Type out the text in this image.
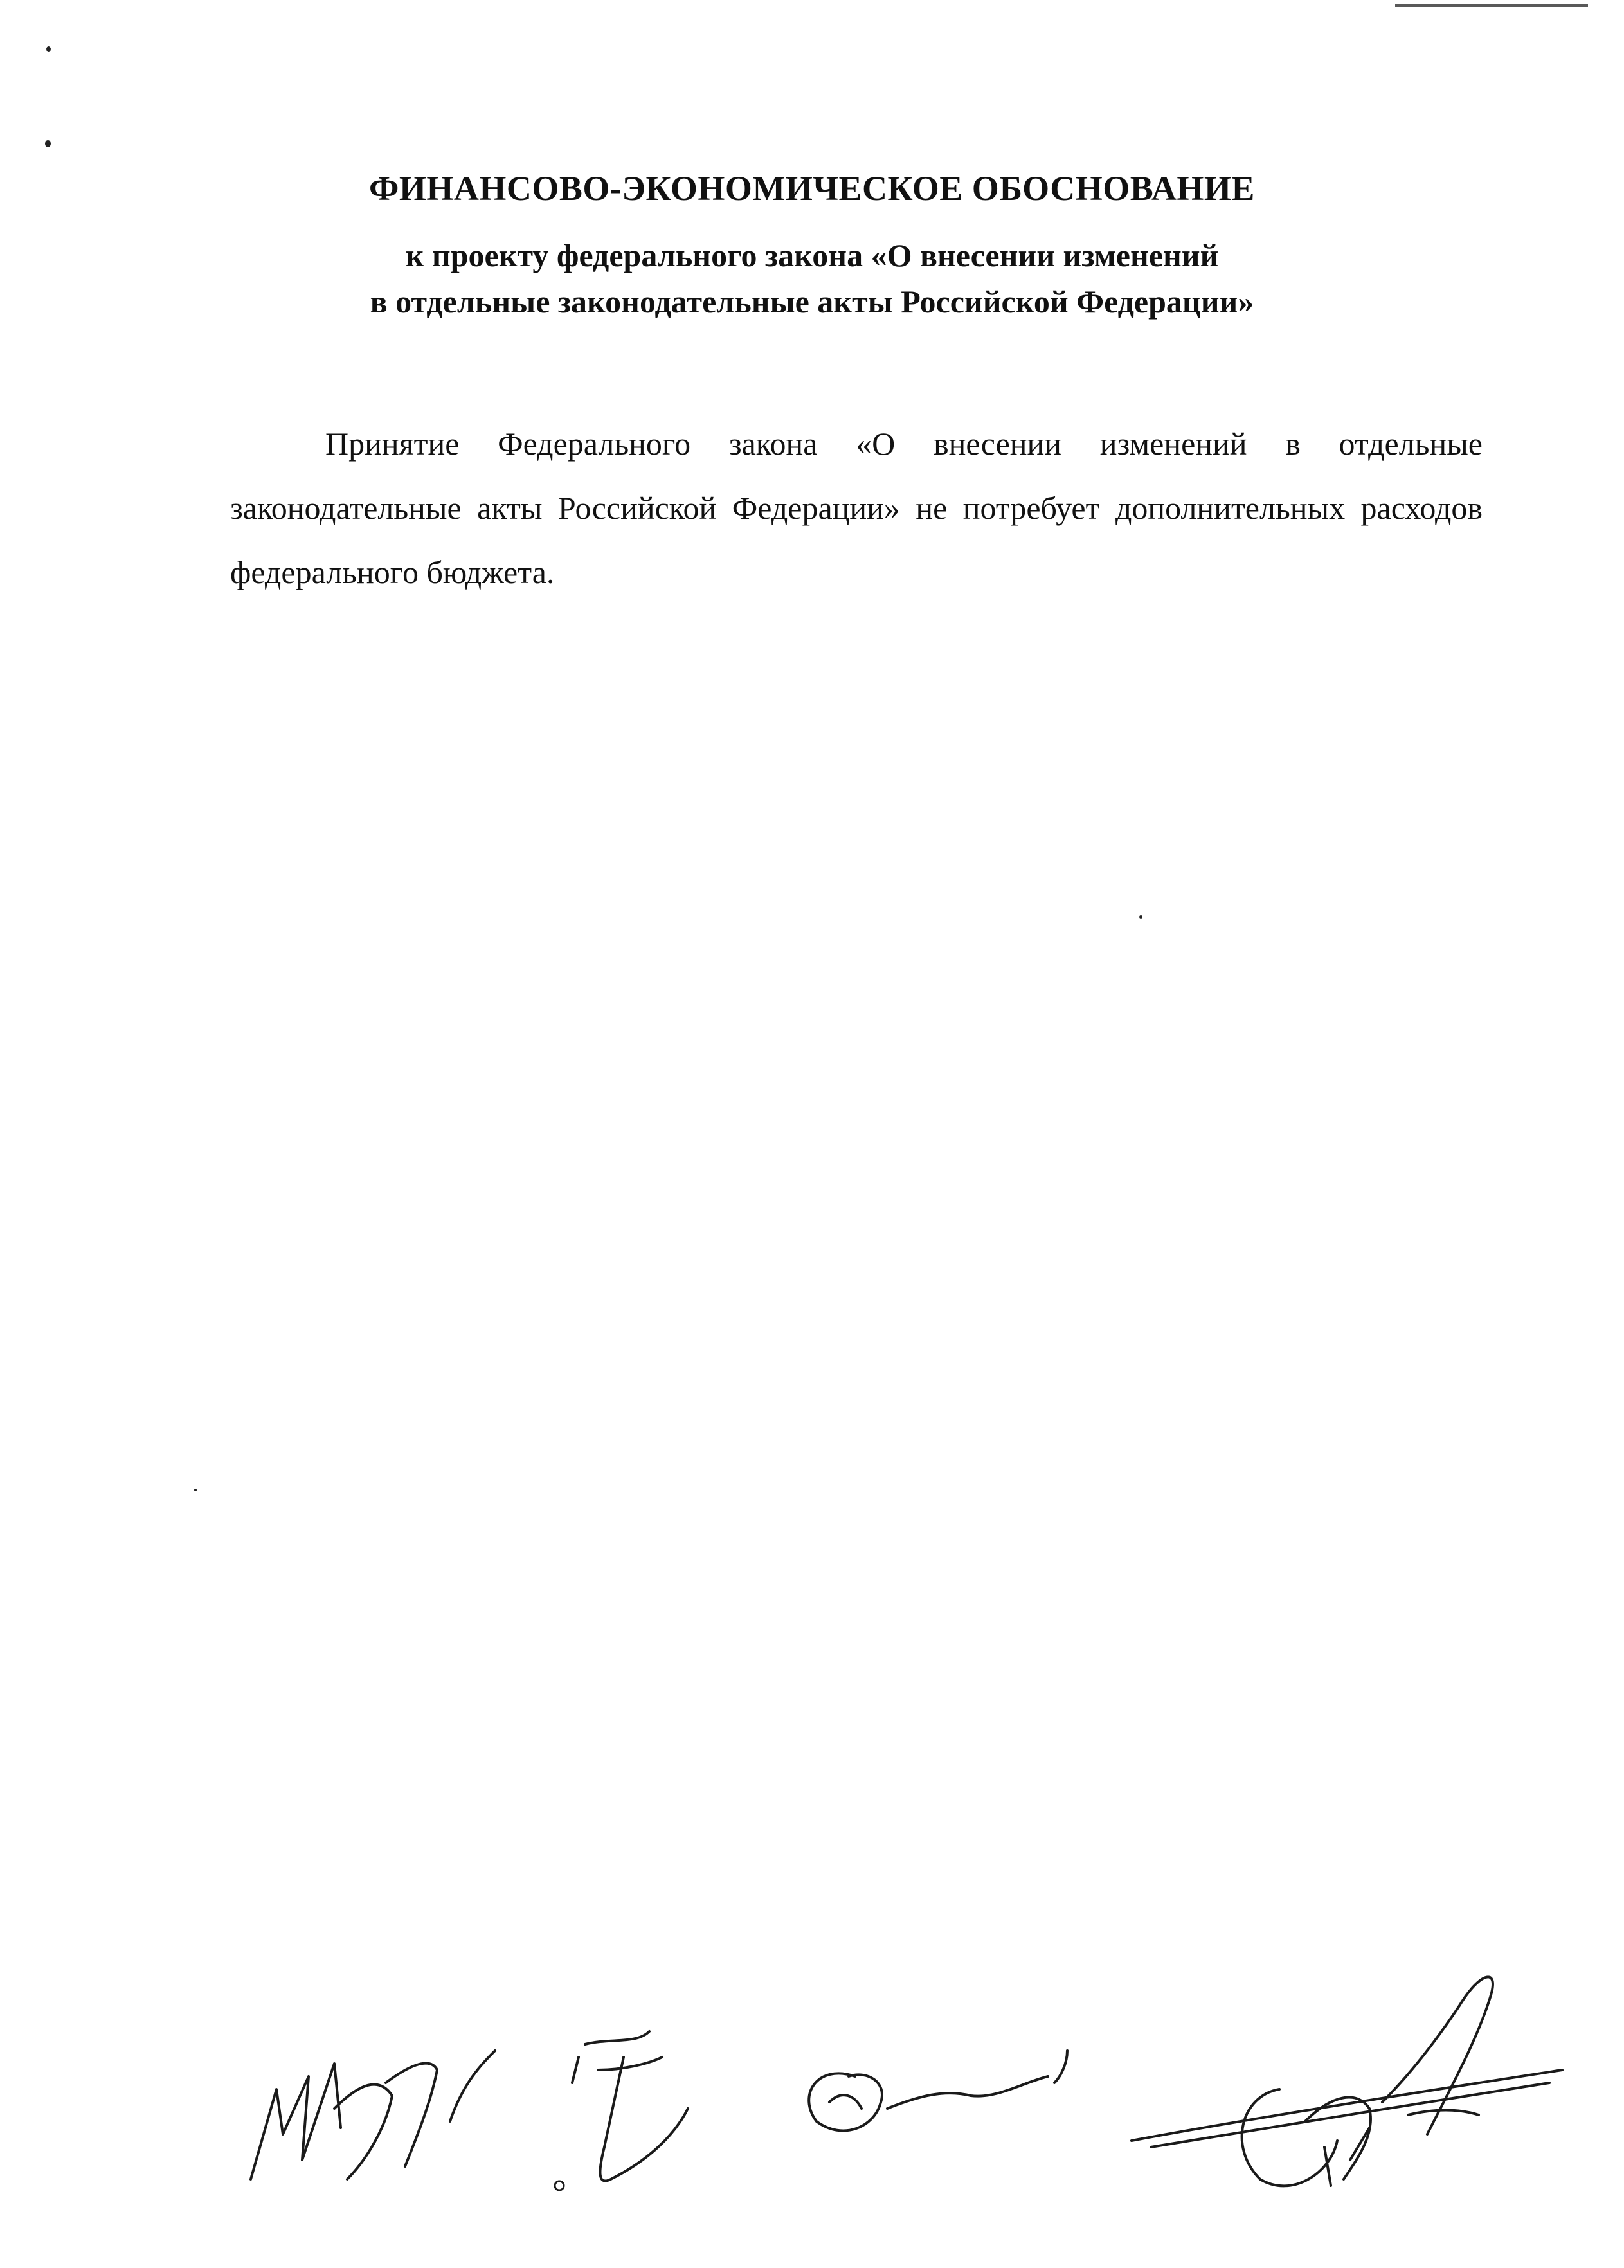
ФИНАНСОВО-ЭКОНОМИЧЕСКОЕ ОБОСНОВАНИЕ

к проекту федерального закона «О внесении изменений

в отдельные законодательные акты Российской Федерации»

Принятие Федерального закона «О внесении изменений в отдельные законодательные акты Российской Федерации» не потребует дополнительных расходов федерального бюджета.
